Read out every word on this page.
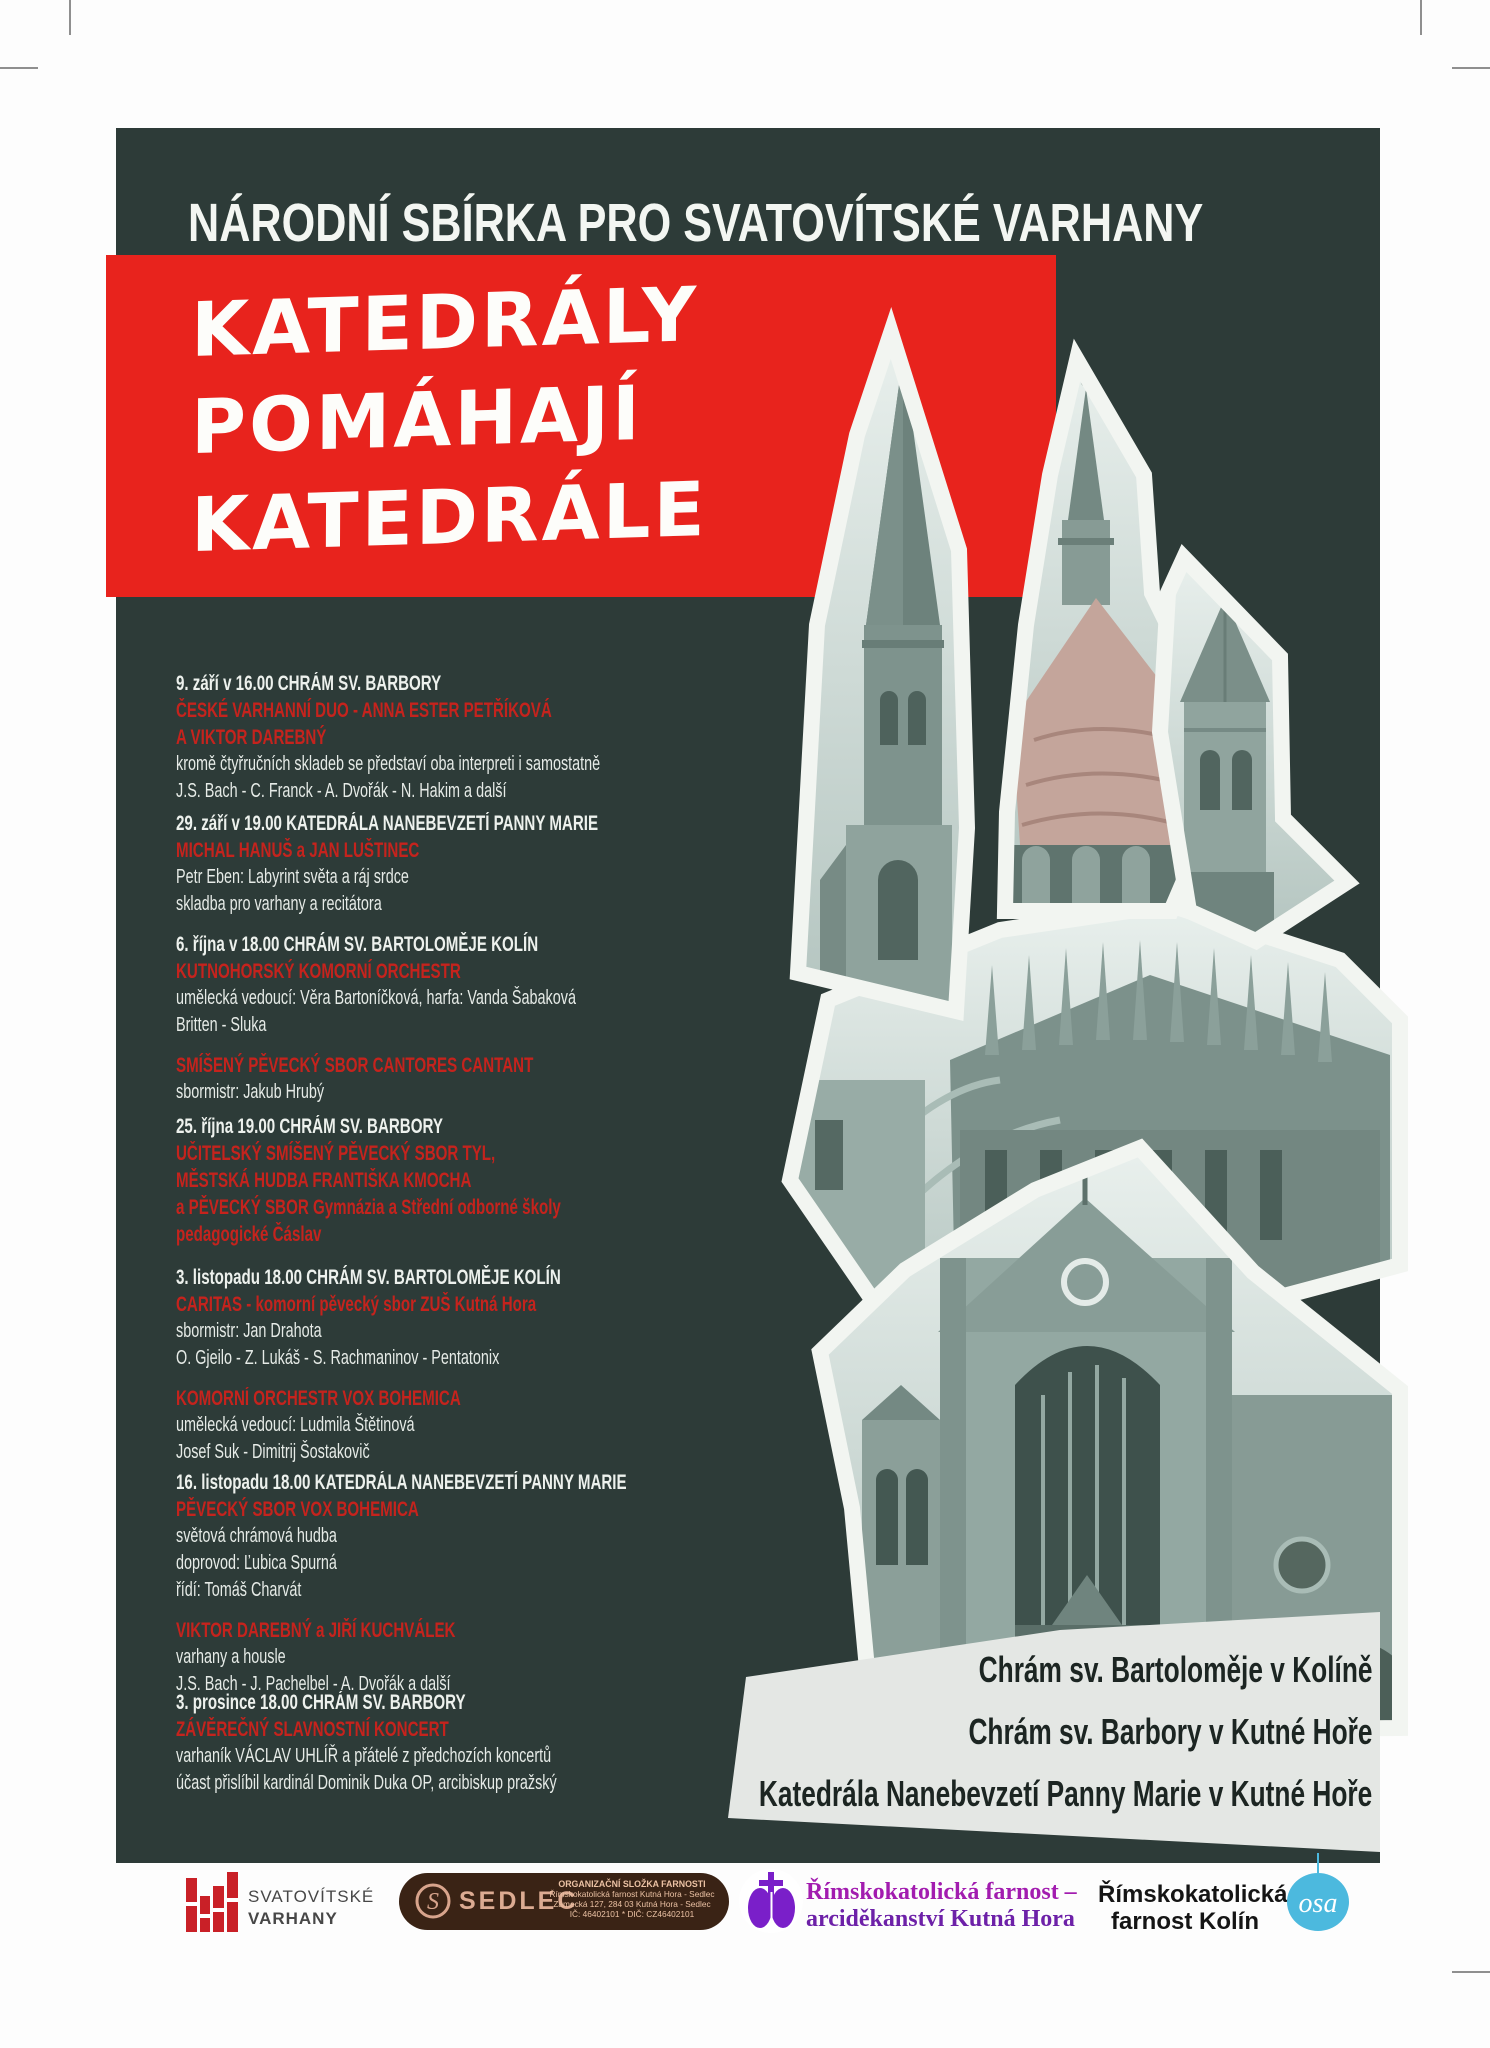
NÁRODNÍ SBÍRKA PRO SVATOVÍTSKÉ VARHANY
KATEDRÁLY
POMÁHAJÍ
KATEDRÁLE
9. září v 16.00 CHRÁM SV. BARBORY
ČESKÉ VARHANNÍ DUO - ANNA ESTER PETŘÍKOVÁ
A VIKTOR DAREBNÝ
kromě čtyřručních skladeb se představí oba interpreti i samostatně
J.S. Bach - C. Franck - A. Dvořák - N. Hakim a další
29. září v 19.00 KATEDRÁLA NANEBEVZETÍ PANNY MARIE
MICHAL HANUŠ a JAN LUŠTINEC
Petr Eben: Labyrint světa a ráj srdce
skladba pro varhany a recitátora
6. října v 18.00 CHRÁM SV. BARTOLOMĚJE KOLÍN
KUTNOHORSKÝ KOMORNÍ ORCHESTR
umělecká vedoucí: Věra Bartoníčková, harfa: Vanda Šabaková
Britten - Sluka
SMÍŠENÝ PĚVECKÝ SBOR CANTORES CANTANT
sbormistr: Jakub Hrubý
25. října 19.00 CHRÁM SV. BARBORY
UČITELSKÝ SMÍŠENÝ PĚVECKÝ SBOR TYL,
MĚSTSKÁ HUDBA FRANTIŠKA KMOCHA
a PĚVECKÝ SBOR Gymnázia a Střední odborné školy
pedagogické Čáslav
3. listopadu 18.00 CHRÁM SV. BARTOLOMĚJE KOLÍN
CARITAS - komorní pěvecký sbor ZUŠ Kutná Hora
sbormistr: Jan Drahota
O. Gjeilo - Z. Lukáš - S. Rachmaninov - Pentatonix
KOMORNÍ ORCHESTR VOX BOHEMICA
umělecká vedoucí: Ludmila Štětinová
Josef Suk - Dimitrij Šostakovič
16. listopadu 18.00 KATEDRÁLA NANEBEVZETÍ PANNY MARIE
PĚVECKÝ SBOR VOX BOHEMICA
světová chrámová hudba
doprovod: Ľubica Spurná
řídí: Tomáš Charvát
VIKTOR DAREBNÝ a JIŘÍ KUCHVÁLEK
varhany a housle
J.S. Bach - J. Pachelbel - A. Dvořák a další
3. prosince 18.00 CHRÁM SV. BARBORY
ZÁVĚREČNÝ SLAVNOSTNÍ KONCERT
varhaník VÁCLAV UHLÍŘ a přátelé z předchozích koncertů
účast přislíbil kardinál Dominik Duka OP, arcibiskup pražský
Chrám sv. Bartoloměje v Kolíně
Chrám sv. Barbory v Kutné Hoře
Katedrála Nanebevzetí Panny Marie v Kutné Hoře
SVATOVÍTSKÉ
VARHANY
S SEDLEC
ORGANIZAČNÍ SLOŽKA FARNOSTI
Římskokatolická farnost Kutná Hora - Sedlec
Zámecká 127, 284 03 Kutná Hora - Sedlec
IČ: 46402101 * DIČ: CZ46402101
Římskokatolická farnost –
arciděkanství Kutná Hora
Římskokatolická
farnost Kolín
osa
